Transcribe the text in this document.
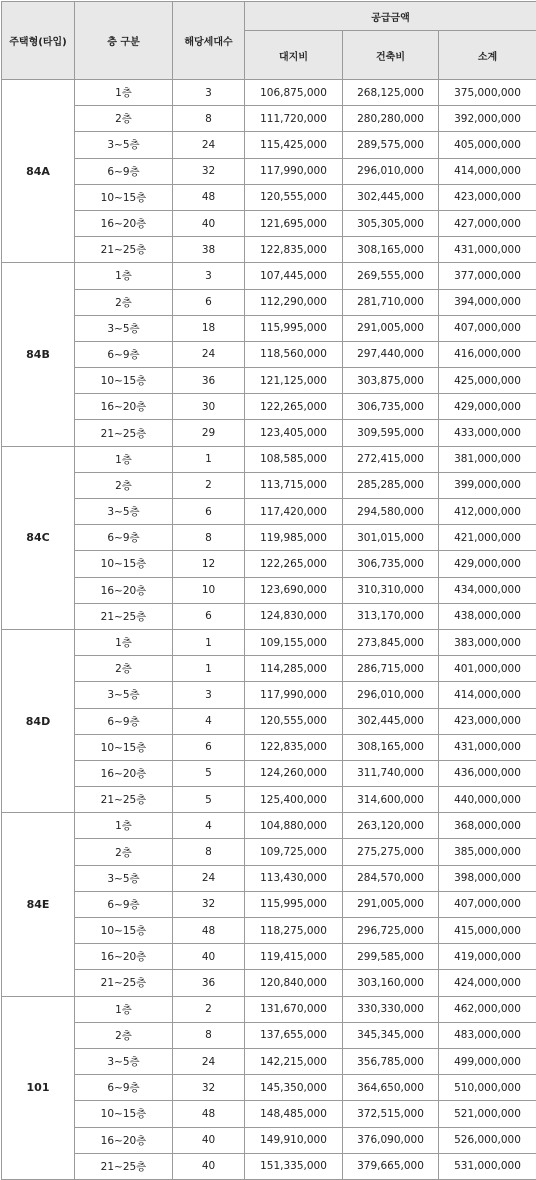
주택형(타입)	층 구분	해당세대수	공급금액		
			대지비	건축비	소계
84A	1층	3	106,875,000	268,125,000	375,000,000
	2층	8	111,720,000	280,280,000	392,000,000
	3~5층	24	115,425,000	289,575,000	405,000,000
	6~9층	32	117,990,000	296,010,000	414,000,000
	10~15층	48	120,555,000	302,445,000	423,000,000
	16~20층	40	121,695,000	305,305,000	427,000,000
	21~25층	38	122,835,000	308,165,000	431,000,000
84B	1층	3	107,445,000	269,555,000	377,000,000
	2층	6	112,290,000	281,710,000	394,000,000
	3~5층	18	115,995,000	291,005,000	407,000,000
	6~9층	24	118,560,000	297,440,000	416,000,000
	10~15층	36	121,125,000	303,875,000	425,000,000
	16~20층	30	122,265,000	306,735,000	429,000,000
	21~25층	29	123,405,000	309,595,000	433,000,000
84C	1층	1	108,585,000	272,415,000	381,000,000
	2층	2	113,715,000	285,285,000	399,000,000
	3~5층	6	117,420,000	294,580,000	412,000,000
	6~9층	8	119,985,000	301,015,000	421,000,000
	10~15층	12	122,265,000	306,735,000	429,000,000
	16~20층	10	123,690,000	310,310,000	434,000,000
	21~25층	6	124,830,000	313,170,000	438,000,000
84D	1층	1	109,155,000	273,845,000	383,000,000
	2층	1	114,285,000	286,715,000	401,000,000
	3~5층	3	117,990,000	296,010,000	414,000,000
	6~9층	4	120,555,000	302,445,000	423,000,000
	10~15층	6	122,835,000	308,165,000	431,000,000
	16~20층	5	124,260,000	311,740,000	436,000,000
	21~25층	5	125,400,000	314,600,000	440,000,000
84E	1층	4	104,880,000	263,120,000	368,000,000
	2층	8	109,725,000	275,275,000	385,000,000
	3~5층	24	113,430,000	284,570,000	398,000,000
	6~9층	32	115,995,000	291,005,000	407,000,000
	10~15층	48	118,275,000	296,725,000	415,000,000
	16~20층	40	119,415,000	299,585,000	419,000,000
	21~25층	36	120,840,000	303,160,000	424,000,000
101	1층	2	131,670,000	330,330,000	462,000,000
	2층	8	137,655,000	345,345,000	483,000,000
	3~5층	24	142,215,000	356,785,000	499,000,000
	6~9층	32	145,350,000	364,650,000	510,000,000
	10~15층	48	148,485,000	372,515,000	521,000,000
	16~20층	40	149,910,000	376,090,000	526,000,000
	21~25층	40	151,335,000	379,665,000	531,000,000
